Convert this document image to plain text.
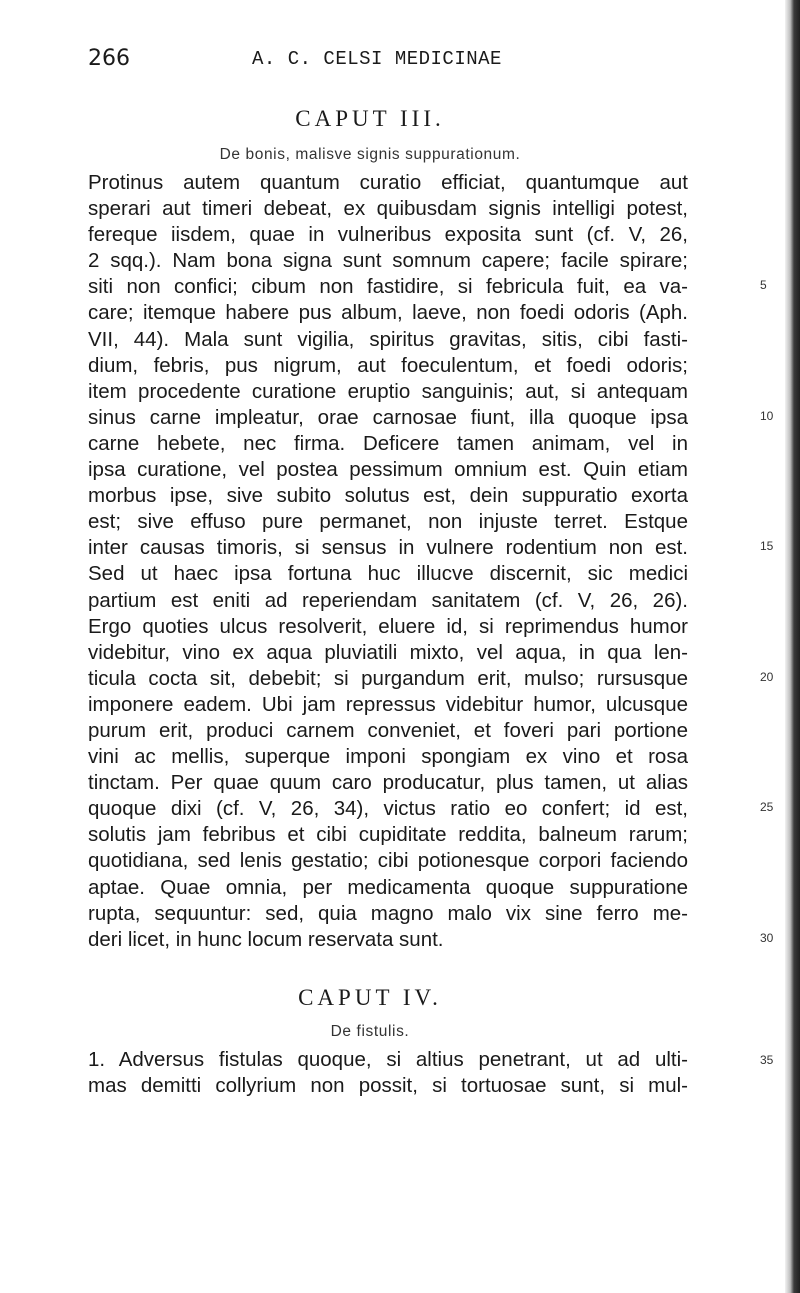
266	A. C. CELSI MEDICINAE
CAPUT III.
De bonis, malisve signis suppurationum.
Protinus autem quantum curatio efficiat, quantumque aut
sperari aut timeri debeat, ex quibusdam signis intelligi potest,
fereque iisdem, quae in vulneribus exposita sunt (cf. V, 26,
2 sqq.). Nam bona signa sunt somnum capere; facile spirare;
siti non confici; cibum non fastidire, si febricula fuit, ea va-
care; itemque habere pus album, laeve, non foedi odoris (Aph.
VII, 44). Mala sunt vigilia, spiritus gravitas, sitis, cibi fasti-
dium, febris, pus nigrum, aut foeculentum, et foedi odoris;
item procedente curatione eruptio sanguinis; aut, si antequam
sinus carne impleatur, orae carnosae fiunt, illa quoque ipsa
carne hebete, nec firma. Deficere tamen animam, vel in
ipsa curatione, vel postea pessimum omnium est. Quin etiam
morbus ipse, sive subito solutus est, dein suppuratio exorta
est; sive effuso pure permanet, non injuste terret. Estque
inter causas timoris, si sensus in vulnere rodentium non est.
Sed ut haec ipsa fortuna huc illucve discernit, sic medici
partium est eniti ad reperiendam sanitatem (cf. V, 26, 26).
Ergo quoties ulcus resolverit, eluere id, si reprimendus humor
videbitur, vino ex aqua pluviatili mixto, vel aqua, in qua len-
ticula cocta sit, debebit; si purgandum erit, mulso; rursusque
imponere eadem. Ubi jam repressus videbitur humor, ulcusque
purum erit, produci carnem conveniet, et foveri pari portione
vini ac mellis, superque imponi spongiam ex vino et rosa
tinctam. Per quae quum caro producatur, plus tamen, ut alias
quoque dixi (cf. V, 26, 34), victus ratio eo confert; id est,
solutis jam febribus et cibi cupiditate reddita, balneum rarum;
quotidiana, sed lenis gestatio; cibi potionesque corpori faciendo
aptae. Quae omnia, per medicamenta quoque suppuratione
rupta, sequuntur: sed, quia magno malo vix sine ferro me-
deri licet, in hunc locum reservata sunt.
CAPUT IV.
De fistulis.
1. Adversus fistulas quoque, si altius penetrant, ut ad ulti-
mas demitti collyrium non possit, si tortuosae sunt, si mul-
5
10
15
20
25
30
35
